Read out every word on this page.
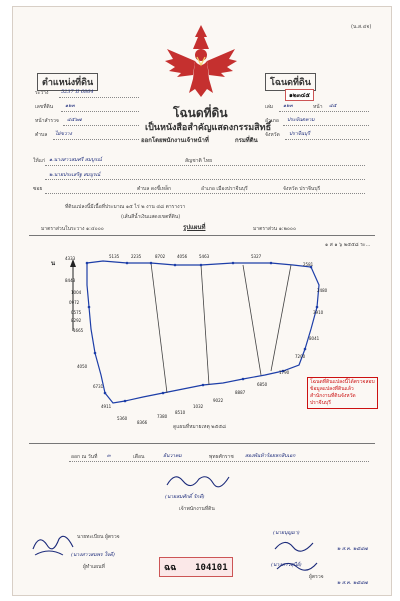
(น.ส.๔จ)
ตำแหน่งที่ดิน	โฉนดที่ดิน
ระวาง	5237 II 6864
เลขที่ดิน ๑๒๓
หน้าสำรวจ ๔๕๖๗
ตำบล ไผ่ขวาง
๑๒๓๔๕
เล่ม ๑๒๓	หน้า ๔๕
อำเภอ ประจันตคาม
จังหวัด ปราจีนบุรี
โฉนดที่ดิน
เป็นหนังสือสำคัญแสดงกรรมสิทธิ์
ออกโดยพนักงานเจ้าหน้าที่	กรมที่ดิน
ให้แก่ ๑.นางสาวสมศรี สมบูรณ์	สัญชาติ ไทย
๒.นายประเสริฐ สมบูรณ์
ซอย	ตำบล ดงขี้เหล็ก	อำเภอ เมืองปราจีนบุรี	จังหวัด ปราจีนบุรี
ที่ดินแปลงนี้มีเนื้อที่ประมาณ ๑๕ ไร่ ๒ งาน ๔๘ ตารางวา
(เส้นสีน้ำเงินแสดงเขตที่ดิน)
มาตราส่วนในระวาง ๑:๔๐๐๐	รูปแผนที่	มาตราส่วน ๑:๒๐๐๐
๑ ส ๑ ๖ ๒๕๕๘ ระ...
น
4333	5135	2235	8702	4056	5463	5327
2581
8443
1004
0972
0575
8292
1665
4050
6731
4911
5360
8366
7380
8510
1032
9022
8887
6850
1790
7200
8041
3910
2480
โฉนดที่ดินแปลงนี้ได้ตรวจสอบ
ข้อมูลแปลงที่ดินแล้ว
สำนักงานที่ดินจังหวัด
ปราจีนบุรี
ดูแผนที่หมายเหตุ ๒๕๕๘
ออก ณ วันที่ ๓	เดือน	ธันวาคม	พุทธศักราช สองพันห้าร้อยหกสิบเอก
(นายสมศักดิ์ รักดี)
เจ้าพนักงานที่ดิน
นายทะเบียน ผู้ตรวจ
(นางสาวสมพร ใจดี)
ผู้ทำแผนที่	ฉฉ 104101
(นายบุญมา)
(นางสาวสุนีย์)
ผู้ตรวจ
๒ ส.ค. ๒๕๔๗
๒ ส.ค. ๒๕๔๗
